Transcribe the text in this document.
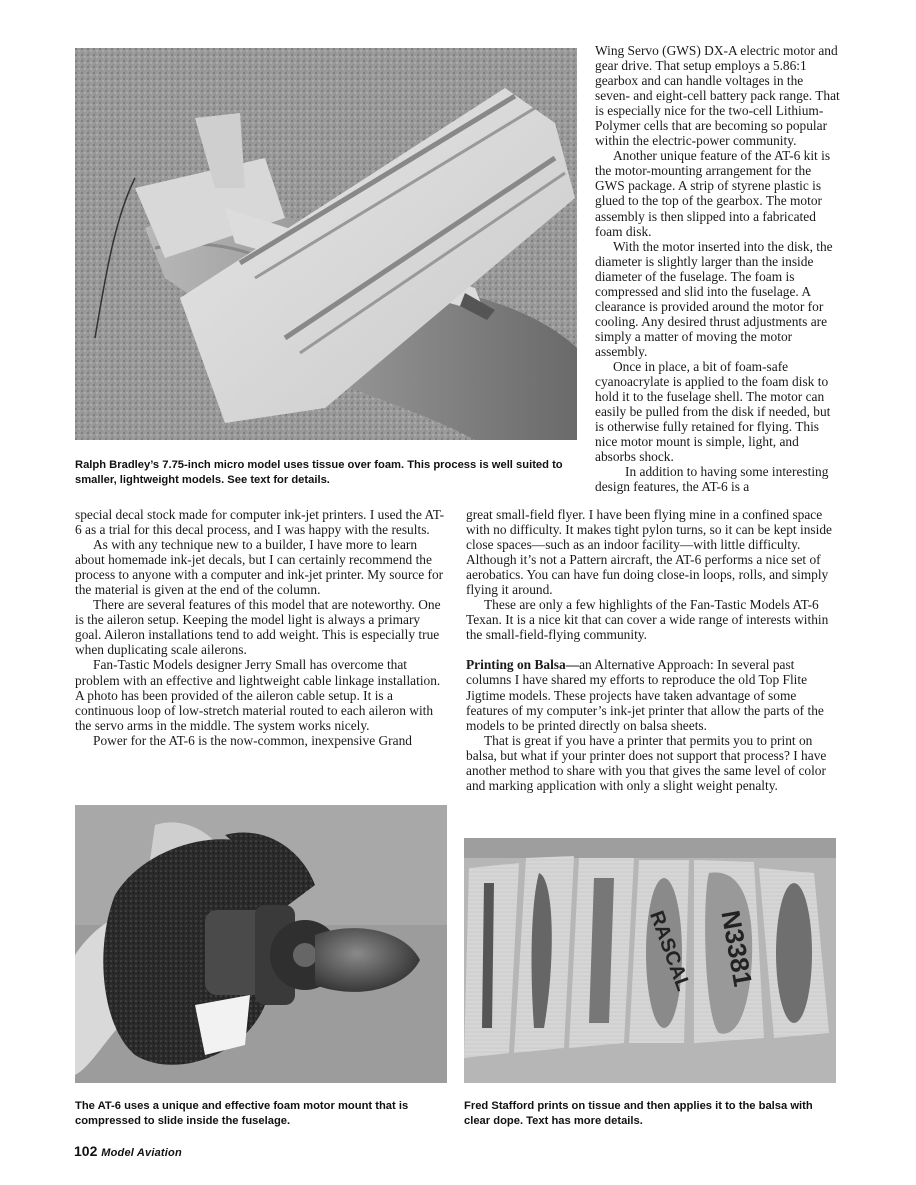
Ralph Bradley’s 7.75-inch micro model uses tissue over foam. This process is well suited to smaller, lightweight models. See text for details.

Wing Servo (GWS) DX-A electric motor and gear drive. That setup employs a 5.86:1 gearbox and can handle voltages in the seven- and eight-cell battery pack range. That is especially nice for the two-cell Lithium-Polymer cells that are becoming so popular within the electric-power community.

Another unique feature of the AT-6 kit is the motor-mounting arrangement for the GWS package. A strip of styrene plastic is glued to the top of the gearbox. The motor assembly is then slipped into a fabricated foam disk.

With the motor inserted into the disk, the diameter is slightly larger than the inside diameter of the fuselage. The foam is compressed and slid into the fuselage. A clearance is provided around the motor for cooling. Any desired thrust adjustments are simply a matter of moving the motor assembly.

Once in place, a bit of foam-safe cyanoacrylate is applied to the foam disk to hold it to the fuselage shell. The motor can easily be pulled from the disk if needed, but is otherwise fully retained for flying. This nice motor mount is simple, light, and absorbs shock.

In addition to having some interesting design features, the AT-6 is a

special decal stock made for computer ink-jet printers. I used the AT-6 as a trial for this decal process, and I was happy with the results.

As with any technique new to a builder, I have more to learn about homemade ink-jet decals, but I can certainly recommend the process to anyone with a computer and ink-jet printer. My source for the material is given at the end of the column.

There are several features of this model that are noteworthy. One is the aileron setup. Keeping the model light is always a primary goal. Aileron installations tend to add weight. This is especially true when duplicating scale ailerons.

Fan-Tastic Models designer Jerry Small has overcome that problem with an effective and lightweight cable linkage installation. A photo has been provided of the aileron cable setup. It is a continuous loop of low-stretch material routed to each aileron with the servo arms in the middle. The system works nicely.

Power for the AT-6 is the now-common, inexpensive Grand

great small-field flyer. I have been flying mine in a confined space with no difficulty. It makes tight pylon turns, so it can be kept inside close spaces—such as an indoor facility—with little difficulty. Although it’s not a Pattern aircraft, the AT-6 performs a nice set of aerobatics. You can have fun doing close-in loops, rolls, and simply flying it around.

These are only a few highlights of the Fan-Tastic Models AT-6 Texan. It is a nice kit that can cover a wide range of interests within the small-field-flying community.

Printing on Balsa—an Alternative Approach: In several past columns I have shared my efforts to reproduce the old Top Flite Jigtime models. These projects have taken advantage of some features of my computer’s ink-jet printer that allow the parts of the models to be printed directly on balsa sheets.

That is great if you have a printer that permits you to print on balsa, but what if your printer does not support that process? I have another method to share with you that gives the same level of color and marking application with only a slight weight penalty.

RASCAL N3381

The AT-6 uses a unique and effective foam motor mount that is compressed to slide inside the fuselage.

Fred Stafford prints on tissue and then applies it to the balsa with clear dope. Text has more details.

102 Model Aviation
